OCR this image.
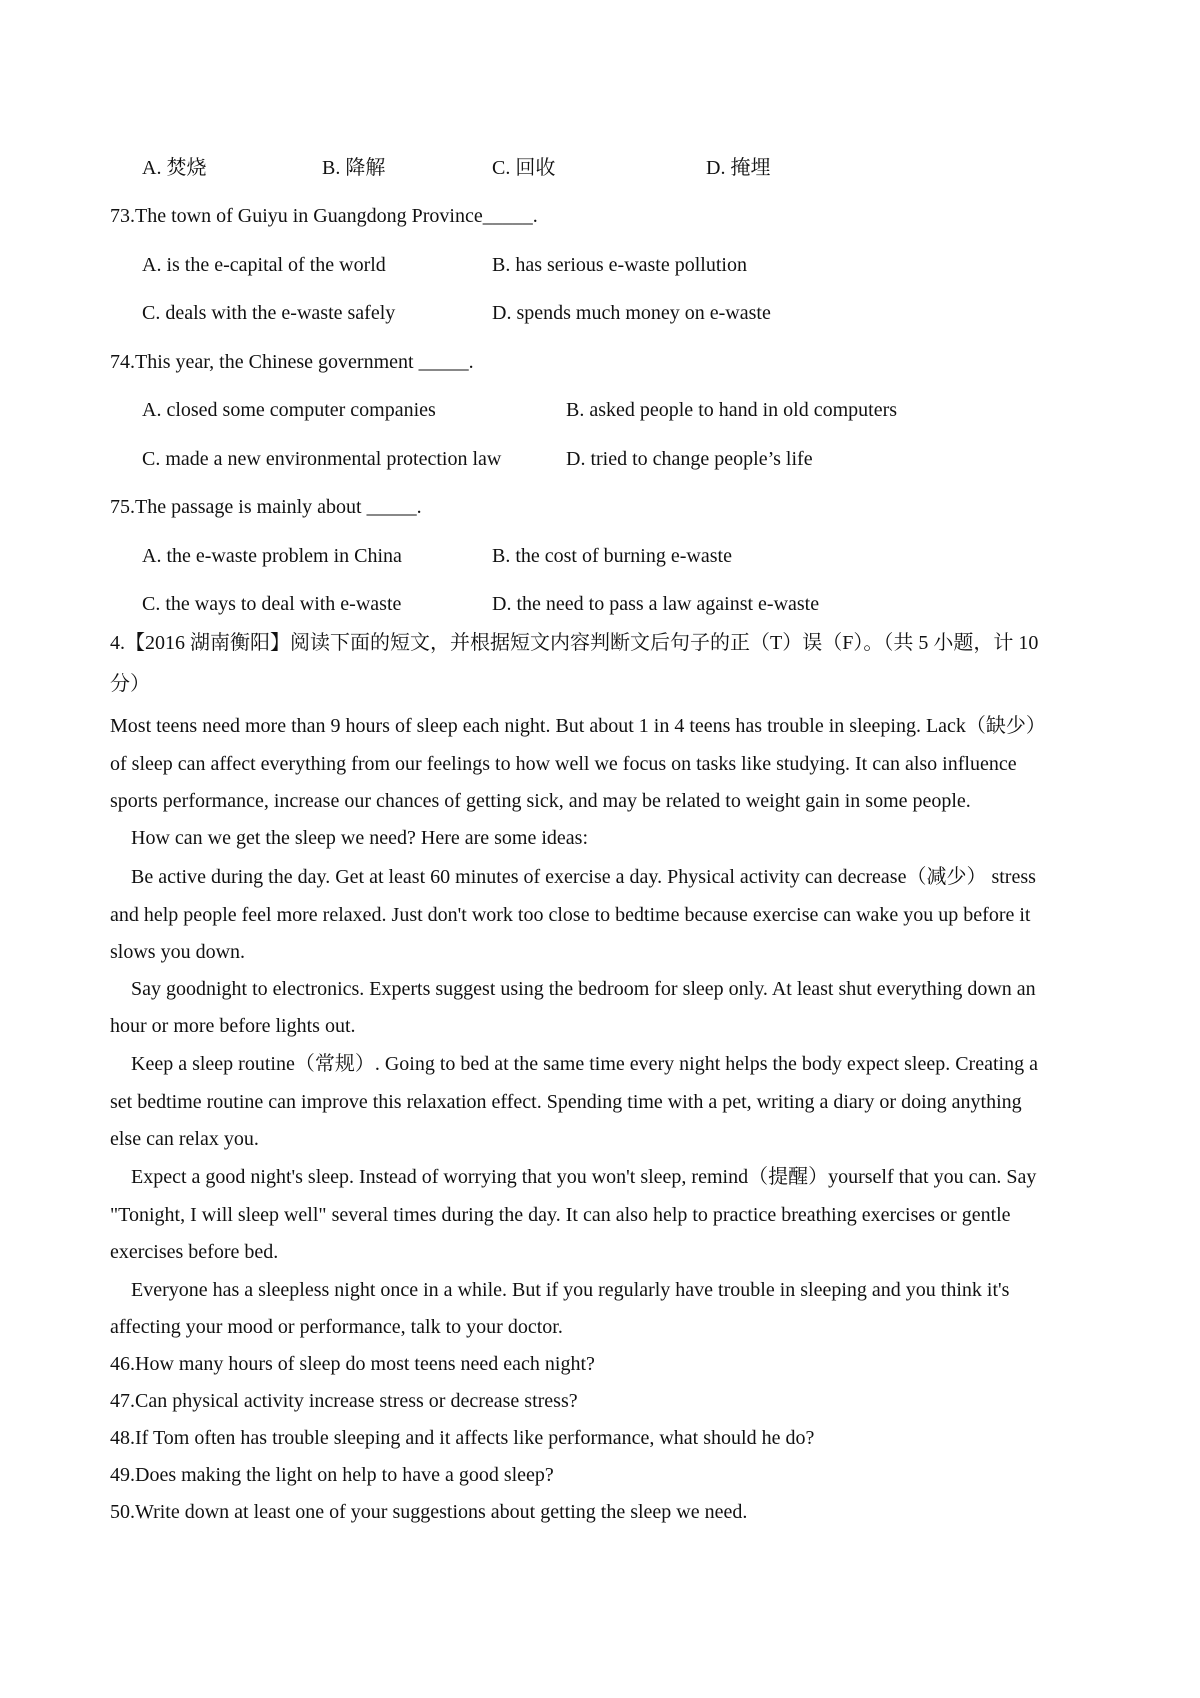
A. 焚烧	B. 降解	C. 回收	D. 掩埋
73.The town of Guiyu in Guangdong Province_____.
A. is the e-capital of the world	B. has serious e-waste pollution
C. deals with the e-waste safely	D. spends much money on e-waste
74.This year, the Chinese government _____.
A. closed some computer companies	B. asked people to hand in old computers
C. made a new environmental protection law	D. tried to change people’s life
75.The passage is mainly about _____.
A. the e-waste problem in China	B. the cost of burning e-waste
C. the ways to deal with e-waste	D. the need to pass a law against e-waste
4.【2016 湖南衡阳】阅读下面的短文，并根据短文内容判断文后句子的正（T）误（F）。（共 5 小题，计 10
分）
Most teens need more than 9 hours of sleep each night. But about 1 in 4 teens has trouble in sleeping. Lack（缺少）
of sleep can affect everything from our feelings to how well we focus on tasks like studying. It can also influence
sports performance, increase our chances of getting sick, and may be related to weight gain in some people.
How can we get the sleep we need? Here are some ideas:
Be active during the day. Get at least 60 minutes of exercise a day. Physical activity can decrease（减少） stress
and help people feel more relaxed. Just don't work too close to bedtime because exercise can wake you up before it
slows you down.
Say goodnight to electronics. Experts suggest using the bedroom for sleep only. At least shut everything down an
hour or more before lights out.
Keep a sleep routine（常规）. Going to bed at the same time every night helps the body expect sleep. Creating a
set bedtime routine can improve this relaxation effect. Spending time with a pet, writing a diary or doing anything
else can relax you.
Expect a good night's sleep. Instead of worrying that you won't sleep, remind（提醒）yourself that you can. Say
"Tonight, I will sleep well" several times during the day. It can also help to practice breathing exercises or gentle
exercises before bed.
Everyone has a sleepless night once in a while. But if you regularly have trouble in sleeping and you think it's
affecting your mood or performance, talk to your doctor.
46.How many hours of sleep do most teens need each night?
47.Can physical activity increase stress or decrease stress?
48.If Tom often has trouble sleeping and it affects like performance, what should he do?
49.Does making the light on help to have a good sleep?
50.Write down at least one of your suggestions about getting the sleep we need.
